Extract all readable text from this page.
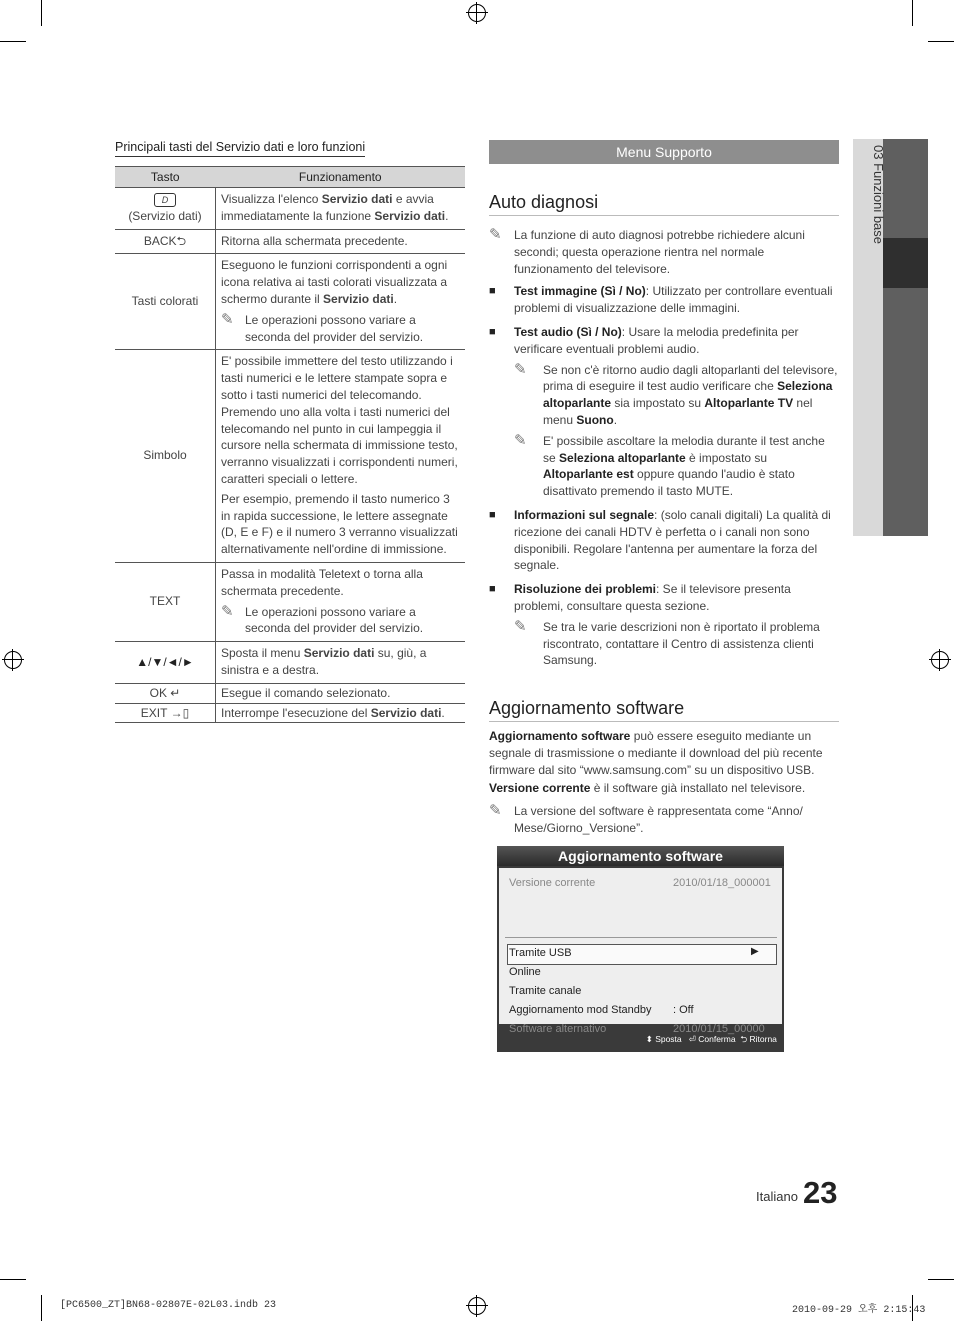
Principali tasti del Servizio dati e loro funzioni
Tasto	Funzionamento
D
(Servizio dati)	Visualizza l'elenco Servizio dati e avvia immediatamente la funzione Servizio dati.
BACK⮌	Ritorna alla schermata precedente.
Tasti colorati	Eseguono le funzioni corrispondenti a ogni icona relativa ai tasti colorati visualizzata a schermo durante il Servizio dati.
✎ Le operazioni possono variare a seconda del provider del servizio.

Simbolo	E' possibile immettere del testo utilizzando i tasti numerici e le lettere stampate sopra e sotto i tasti numerici del telecomando. Premendo uno alla volta i tasti numerici del telecomando nel punto in cui lampeggia il cursore nella schermata di immissione testo, verranno visualizzati i corrispondenti numeri, caratteri speciali o lettere.
Per esempio, premendo il tasto numerico 3 in rapida successione, le lettere assegnate (D, E e F) e il numero 3 verranno visualizzati alternativamente nell'ordine di immissione.

TEXT	Passa in modalità Teletext o torna alla schermata precedente.
✎ Le operazioni possono variare a seconda del provider del servizio.

▲/▼/◄/►	Sposta il menu Servizio dati su, giù, a sinistra e a destra.
OK ↵	Esegue il comando selezionato.
EXIT →▯	Interrompe l'esecuzione del Servizio dati.
Menu Supporto
Auto diagnosi
✎	La funzione di auto diagnosi potrebbe richiedere alcuni secondi; questa operazione rientra nel normale funzionamento del televisore.
■	Test immagine (Sì / No): Utilizzato per controllare eventuali problemi di visualizzazione delle immagini.
■	Test audio (Sì / No): Usare la melodia predefinita per verificare eventuali problemi audio.
✎	Se non c'è ritorno audio dagli altoparlanti del televisore, prima di eseguire il test audio verificare che Seleziona altoparlante sia impostato su Altoparlante TV nel menu Suono.
✎	E' possibile ascoltare la melodia durante il test anche se Seleziona altoparlante è impostato su Altoparlante est oppure quando l'audio è stato disattivato premendo il tasto MUTE.
■	Informazioni sul segnale: (solo canali digitali) La qualità di ricezione dei canali HDTV è perfetta o i canali non sono disponibili. Regolare l'antenna per aumentare la forza del segnale.
■	Risoluzione dei problemi: Se il televisore presenta problemi, consultare questa sezione.
✎	Se tra le varie descrizioni non è riportato il problema riscontrato, contattare il Centro di assistenza clienti Samsung.
Aggiornamento software
Aggiornamento software può essere eseguito mediante un segnale di trasmissione o mediante il download del più recente firmware dal sito “www.samsung.com” su un dispositivo USB.
Versione corrente è il software già installato nel televisore.
✎	La versione del software è rappresentata come “Anno/ Mese/Giorno_Versione”.
Aggiornamento software
Versione corrente	2010/01/18_000001
Tramite USB	▶
Online
Tramite canale
Aggiornamento mod Standby : Off
Software alternativo	2010/01/15_00000
⬍ Sposta ⏎ Conferma ⮌ Ritorna
03 Funzioni base
Italiano 23
[PC6500_ZT]BN68-02807E-02L03.indb 23	2010-09-29 오후 2:15:43
